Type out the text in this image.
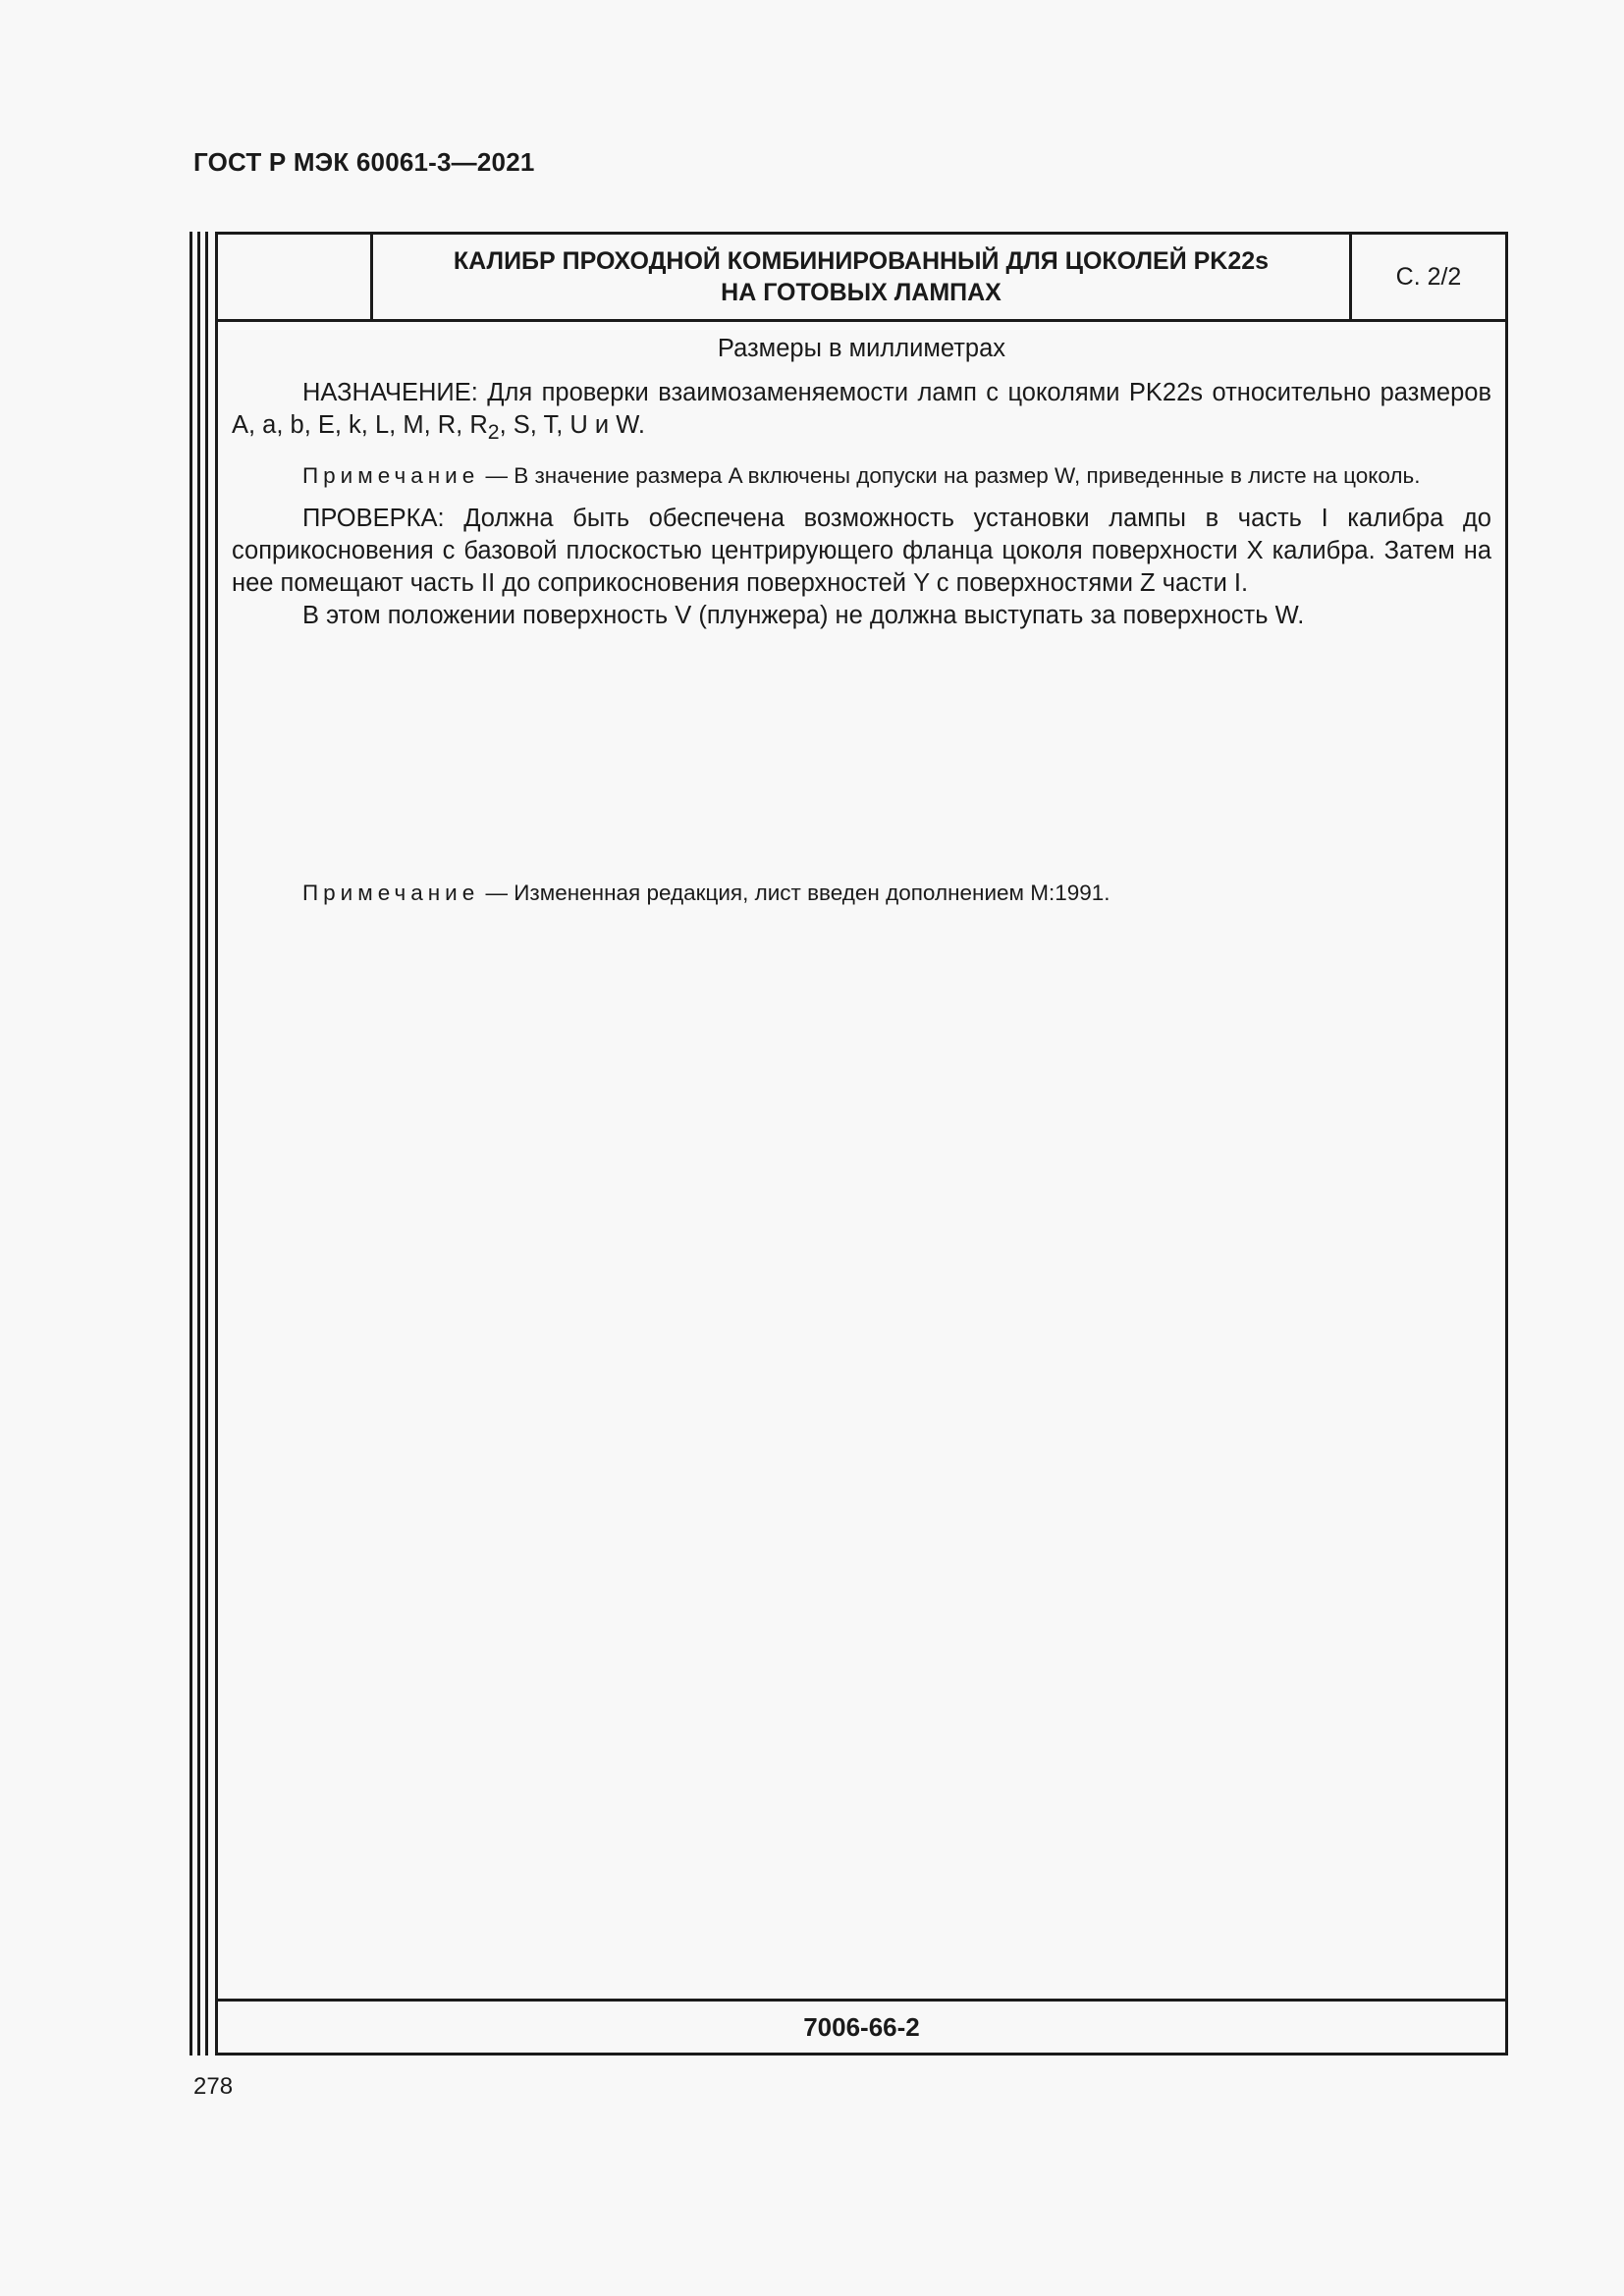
ГОСТ Р МЭК 60061-3—2021
КАЛИБР ПРОХОДНОЙ КОМБИНИРОВАННЫЙ ДЛЯ ЦОКОЛЕЙ PK22s
НА ГОТОВЫХ ЛАМПАХ
С. 2/2
Размеры в миллиметрах

НАЗНАЧЕНИЕ: Для проверки взаимозаменяемости ламп с цоколями PK22s относительно размеров A, a, b, E, k, L, M, R, $R_2$, S, T, U и W.

Примечание — В значение размера A включены допуски на размер W, приведенные в листе на цоколь.

ПРОВЕРКА: Должна быть обеспечена возможность установки лампы в часть I калибра до соприкосновения с базовой плоскостью центрирующего фланца цоколя поверхности X калибра. Затем на нее помещают часть II до соприкосновения поверхностей Y с поверхностями Z части I.

В этом положении поверхность V (плунжера) не должна выступать за поверхность W.

Примечание — Измененная редакция, лист введен дополнением M:1991.
7006-66-2
278
